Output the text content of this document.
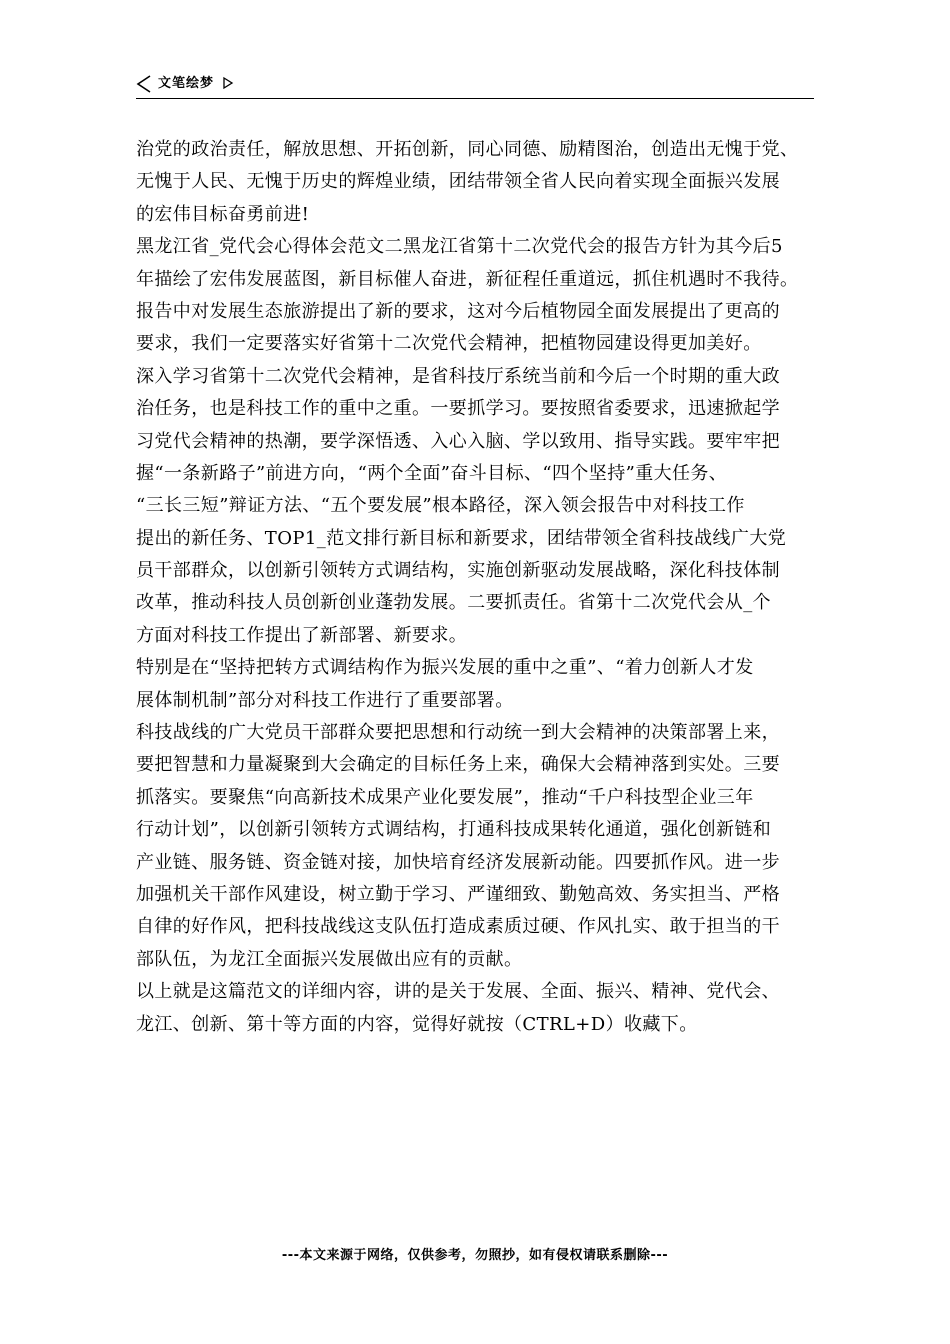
文笔绘梦
治党的政治责任，解放思想、开拓创新，同心同德、励精图治，创造出无愧于党、
无愧于人民、无愧于历史的辉煌业绩，团结带领全省人民向着实现全面振兴发展
的宏伟目标奋勇前进!
黑龙江省_党代会心得体会范文二黑龙江省第十二次党代会的报告方针为其今后5
年描绘了宏伟发展蓝图，新目标催人奋进，新征程任重道远，抓住机遇时不我待。
报告中对发展生态旅游提出了新的要求，这对今后植物园全面发展提出了更高的
要求，我们一定要落实好省第十二次党代会精神，把植物园建设得更加美好。
深入学习省第十二次党代会精神，是省科技厅系统当前和今后一个时期的重大政
治任务，也是科技工作的重中之重。一要抓学习。要按照省委要求，迅速掀起学
习党代会精神的热潮，要学深悟透、入心入脑、学以致用、指导实践。要牢牢把
握“一条新路子”前进方向，“两个全面”奋斗目标、“四个坚持”重大任务、
“三长三短”辩证方法、“五个要发展”根本路径，深入领会报告中对科技工作
提出的新任务、TOP1_范文排行新目标和新要求，团结带领全省科技战线广大党
员干部群众，以创新引领转方式调结构，实施创新驱动发展战略，深化科技体制
改革，推动科技人员创新创业蓬勃发展。二要抓责任。省第十二次党代会从_个
方面对科技工作提出了新部署、新要求。
特别是在“坚持把转方式调结构作为振兴发展的重中之重”、“着力创新人才发
展体制机制”部分对科技工作进行了重要部署。
科技战线的广大党员干部群众要把思想和行动统一到大会精神的决策部署上来，
要把智慧和力量凝聚到大会确定的目标任务上来，确保大会精神落到实处。三要
抓落实。要聚焦“向高新技术成果产业化要发展”，推动“千户科技型企业三年
行动计划”，以创新引领转方式调结构，打通科技成果转化通道，强化创新链和
产业链、服务链、资金链对接，加快培育经济发展新动能。四要抓作风。进一步
加强机关干部作风建设，树立勤于学习、严谨细致、勤勉高效、务实担当、严格
自律的好作风，把科技战线这支队伍打造成素质过硬、作风扎实、敢于担当的干
部队伍，为龙江全面振兴发展做出应有的贡献。
以上就是这篇范文的详细内容，讲的是关于发展、全面、振兴、精神、党代会、
龙江、创新、第十等方面的内容，觉得好就按（CTRL+D）收藏下。
---本文来源于网络，仅供参考，勿照抄，如有侵权请联系删除---
